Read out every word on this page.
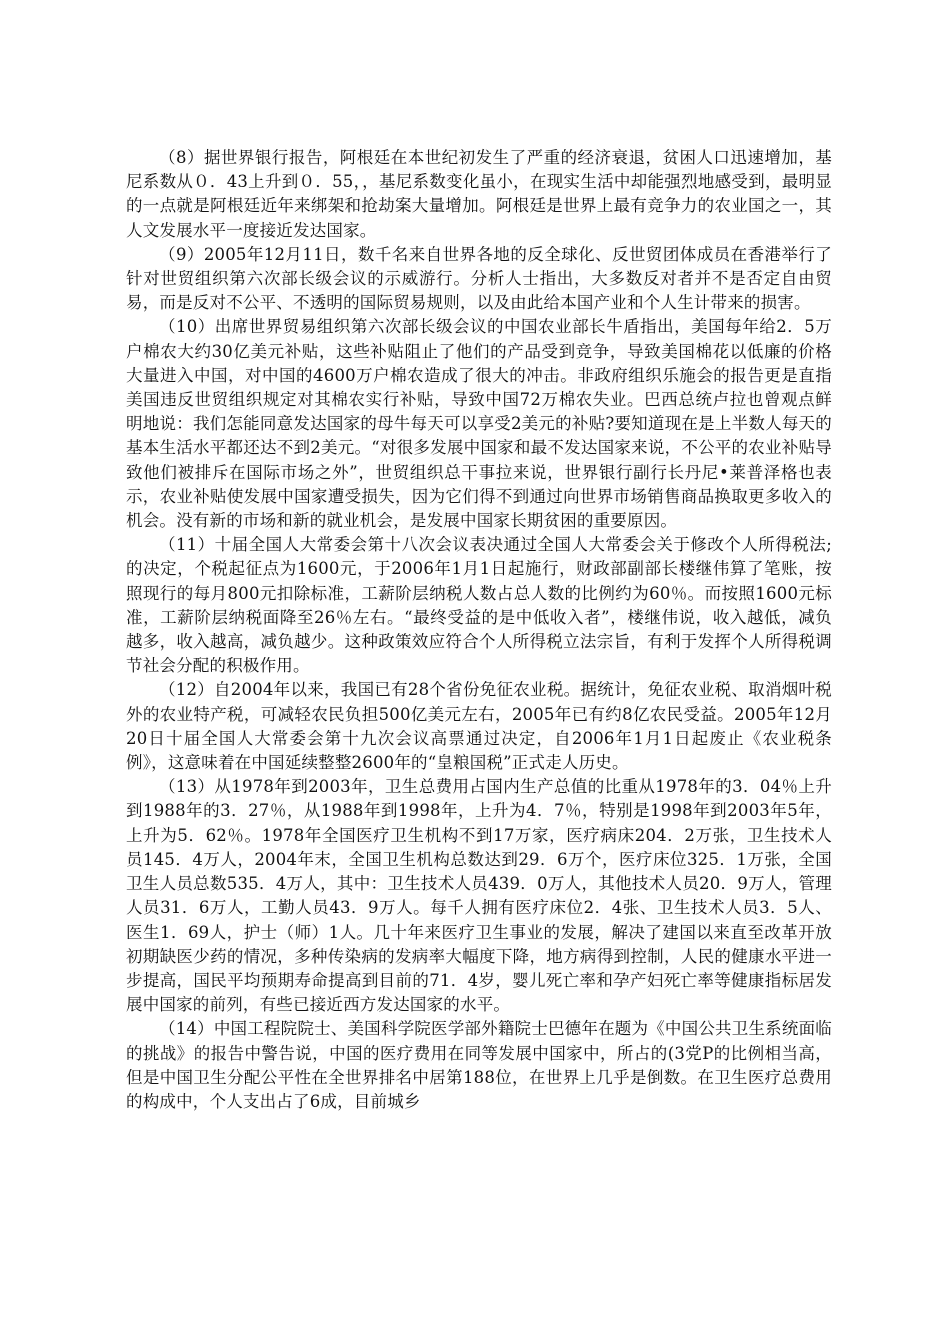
（8）据世界银行报告，阿根廷在本世纪初发生了严重的经济衰退，贫困人口迅速增加，基尼系数从０．43上升到０．55，，基尼系数变化虽小，在现实生活中却能强烈地感受到，最明显的一点就是阿根廷近年来绑架和抢劫案大量增加。阿根廷是世界上最有竞争力的农业国之一，其人文发展水平一度接近发达国家。

（9）2005年12月11日，数千名来自世界各地的反全球化、反世贸团体成员在香港举行了针对世贸组织第六次部长级会议的示威游行。分析人士指出，大多数反对者并不是否定自由贸易，而是反对不公平、不透明的国际贸易规则，以及由此给本国产业和个人生计带来的损害。

（10）出席世界贸易组织第六次部长级会议的中国农业部长牛盾指出，美国每年给2．5万户棉农大约30亿美元补贴，这些补贴阻止了他们的产品受到竞争，导致美国棉花以低廉的价格大量进入中国，对中国的4600万户棉农造成了很大的冲击。非政府组织乐施会的报告更是直指美国违反世贸组织规定对其棉农实行补贴，导致中国72万棉农失业。巴西总统卢拉也曾观点鲜明地说：我们怎能同意发达国家的母牛每天可以享受2美元的补贴?要知道现在是上半数人每天的基本生活水平都还达不到2美元。“对很多发展中国家和最不发达国家来说，不公平的农业补贴导致他们被排斥在国际市场之外”，世贸组织总干事拉来说，世界银行副行长丹尼•莱普泽格也表示，农业补贴使发展中国家遭受损失，因为它们得不到通过向世界市场销售商品换取更多收入的机会。没有新的市场和新的就业机会，是发展中国家长期贫困的重要原因。

（11）十届全国人大常委会第十八次会议表决通过全国人大常委会关于修改个人所得税法;的决定，个税起征点为1600元，于2006年1月1日起施行，财政部副部长楼继伟算了笔账，按照现行的每月800元扣除标准，工薪阶层纳税人数占总人数的比例约为60％。而按照1600元标准，工薪阶层纳税面降至26％左右。“最终受益的是中低收入者”，楼继伟说，收入越低，减负越多，收入越高，减负越少。这种政策效应符合个人所得税立法宗旨，有利于发挥个人所得税调节社会分配的积极作用。

（12）自2004年以来，我国已有28个省份免征农业税。据统计，免征农业税、取消烟叶税外的农业特产税，可减轻农民负担500亿美元左右，2005年已有约8亿农民受益。2005年12月20日十届全国人大常委会第十九次会议高票通过决定，自2006年1月1日起废止《农业税条例》，这意味着在中国延续整整2600年的“皇粮国税”正式走人历史。

（13）从1978年到2003年，卫生总费用占国内生产总值的比重从1978年的3．04％上升到1988年的3．27％，从1988年到1998年，上升为4．7％，特别是1998年到2003年5年，上升为5．62％。1978年全国医疗卫生机构不到17万家，医疗病床204．2万张，卫生技术人员145．4万人，2004年末，全国卫生机构总数达到29．6万个，医疗床位325．1万张，全国卫生人员总数535．4万人，其中：卫生技术人员439．0万人，其他技术人员20．9万人，管理人员31．6万人，工勤人员43．9万人。每千人拥有医疗床位2．4张、卫生技术人员3．5人、医生1．69人，护士（师）1人。几十年来医疗卫生事业的发展，解决了建国以来直至改革开放初期缺医少药的情况，多种传染病的发病率大幅度下降，地方病得到控制，人民的健康水平进一步提高，国民平均预期寿命提高到目前的71．4岁，婴儿死亡率和孕产妇死亡率等健康指标居发展中国家的前列，有些已接近西方发达国家的水平。

（14）中国工程院院士、美国科学院医学部外籍院士巴德年在题为《中国公共卫生系统面临的挑战》的报告中警告说，中国的医疗费用在同等发展中国家中，所占的(3党P的比例相当高，但是中国卫生分配公平性在全世界排名中居第188位，在世界上几乎是倒数。在卫生医疗总费用的构成中，个人支出占了6成，目前城乡
